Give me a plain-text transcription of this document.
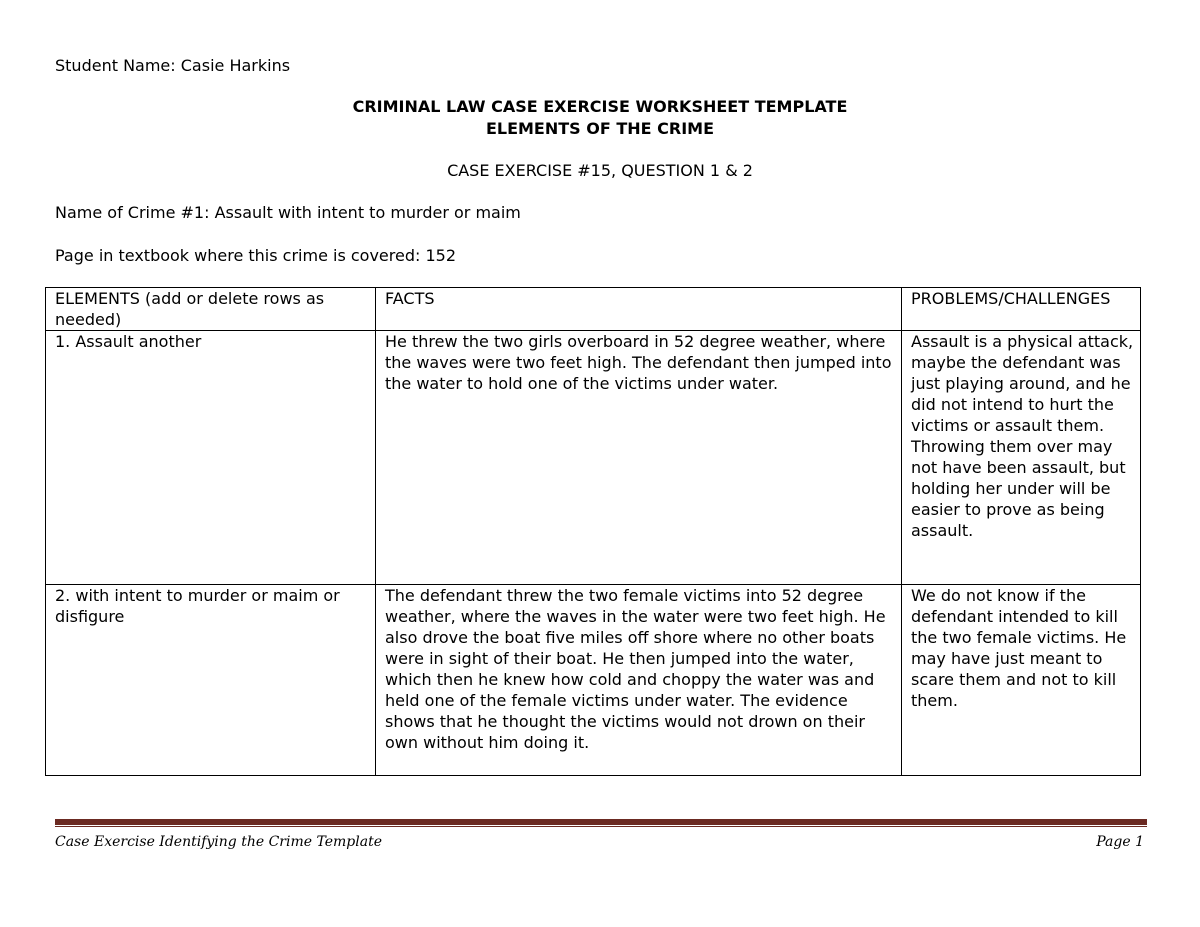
Student Name: Casie Harkins

CRIMINAL LAW CASE EXERCISE WORKSHEET TEMPLATE
ELEMENTS OF THE CRIME

CASE EXERCISE #15, QUESTION 1 & 2

Name of Crime #1: Assault with intent to murder or maim

Page in textbook where this crime is covered: 152

ELEMENTS (add or delete rows as needed)	FACTS	PROBLEMS/CHALLENGES
1. Assault another	He threw the two girls overboard in 52 degree weather, where the waves were two feet high. The defendant then jumped into the water to hold one of the victims under water.	Assault is a physical attack, maybe the defendant was just playing around, and he did not intend to hurt the victims or assault them. Throwing them over may not have been assault, but holding her under will be easier to prove as being assault.
2. with intent to murder or maim or disfigure	The defendant threw the two female victims into 52 degree weather, where the waves in the water were two feet high. He also drove the boat five miles off shore where no other boats were in sight of their boat. He then jumped into the water, which then he knew how cold and choppy the water was and held one of the female victims under water. The evidence shows that he thought the victims would not drown on their own without him doing it.	We do not know if the defendant intended to kill the two female victims. He may have just meant to scare them and not to kill them.
Case Exercise Identifying the Crime Template	Page 1
